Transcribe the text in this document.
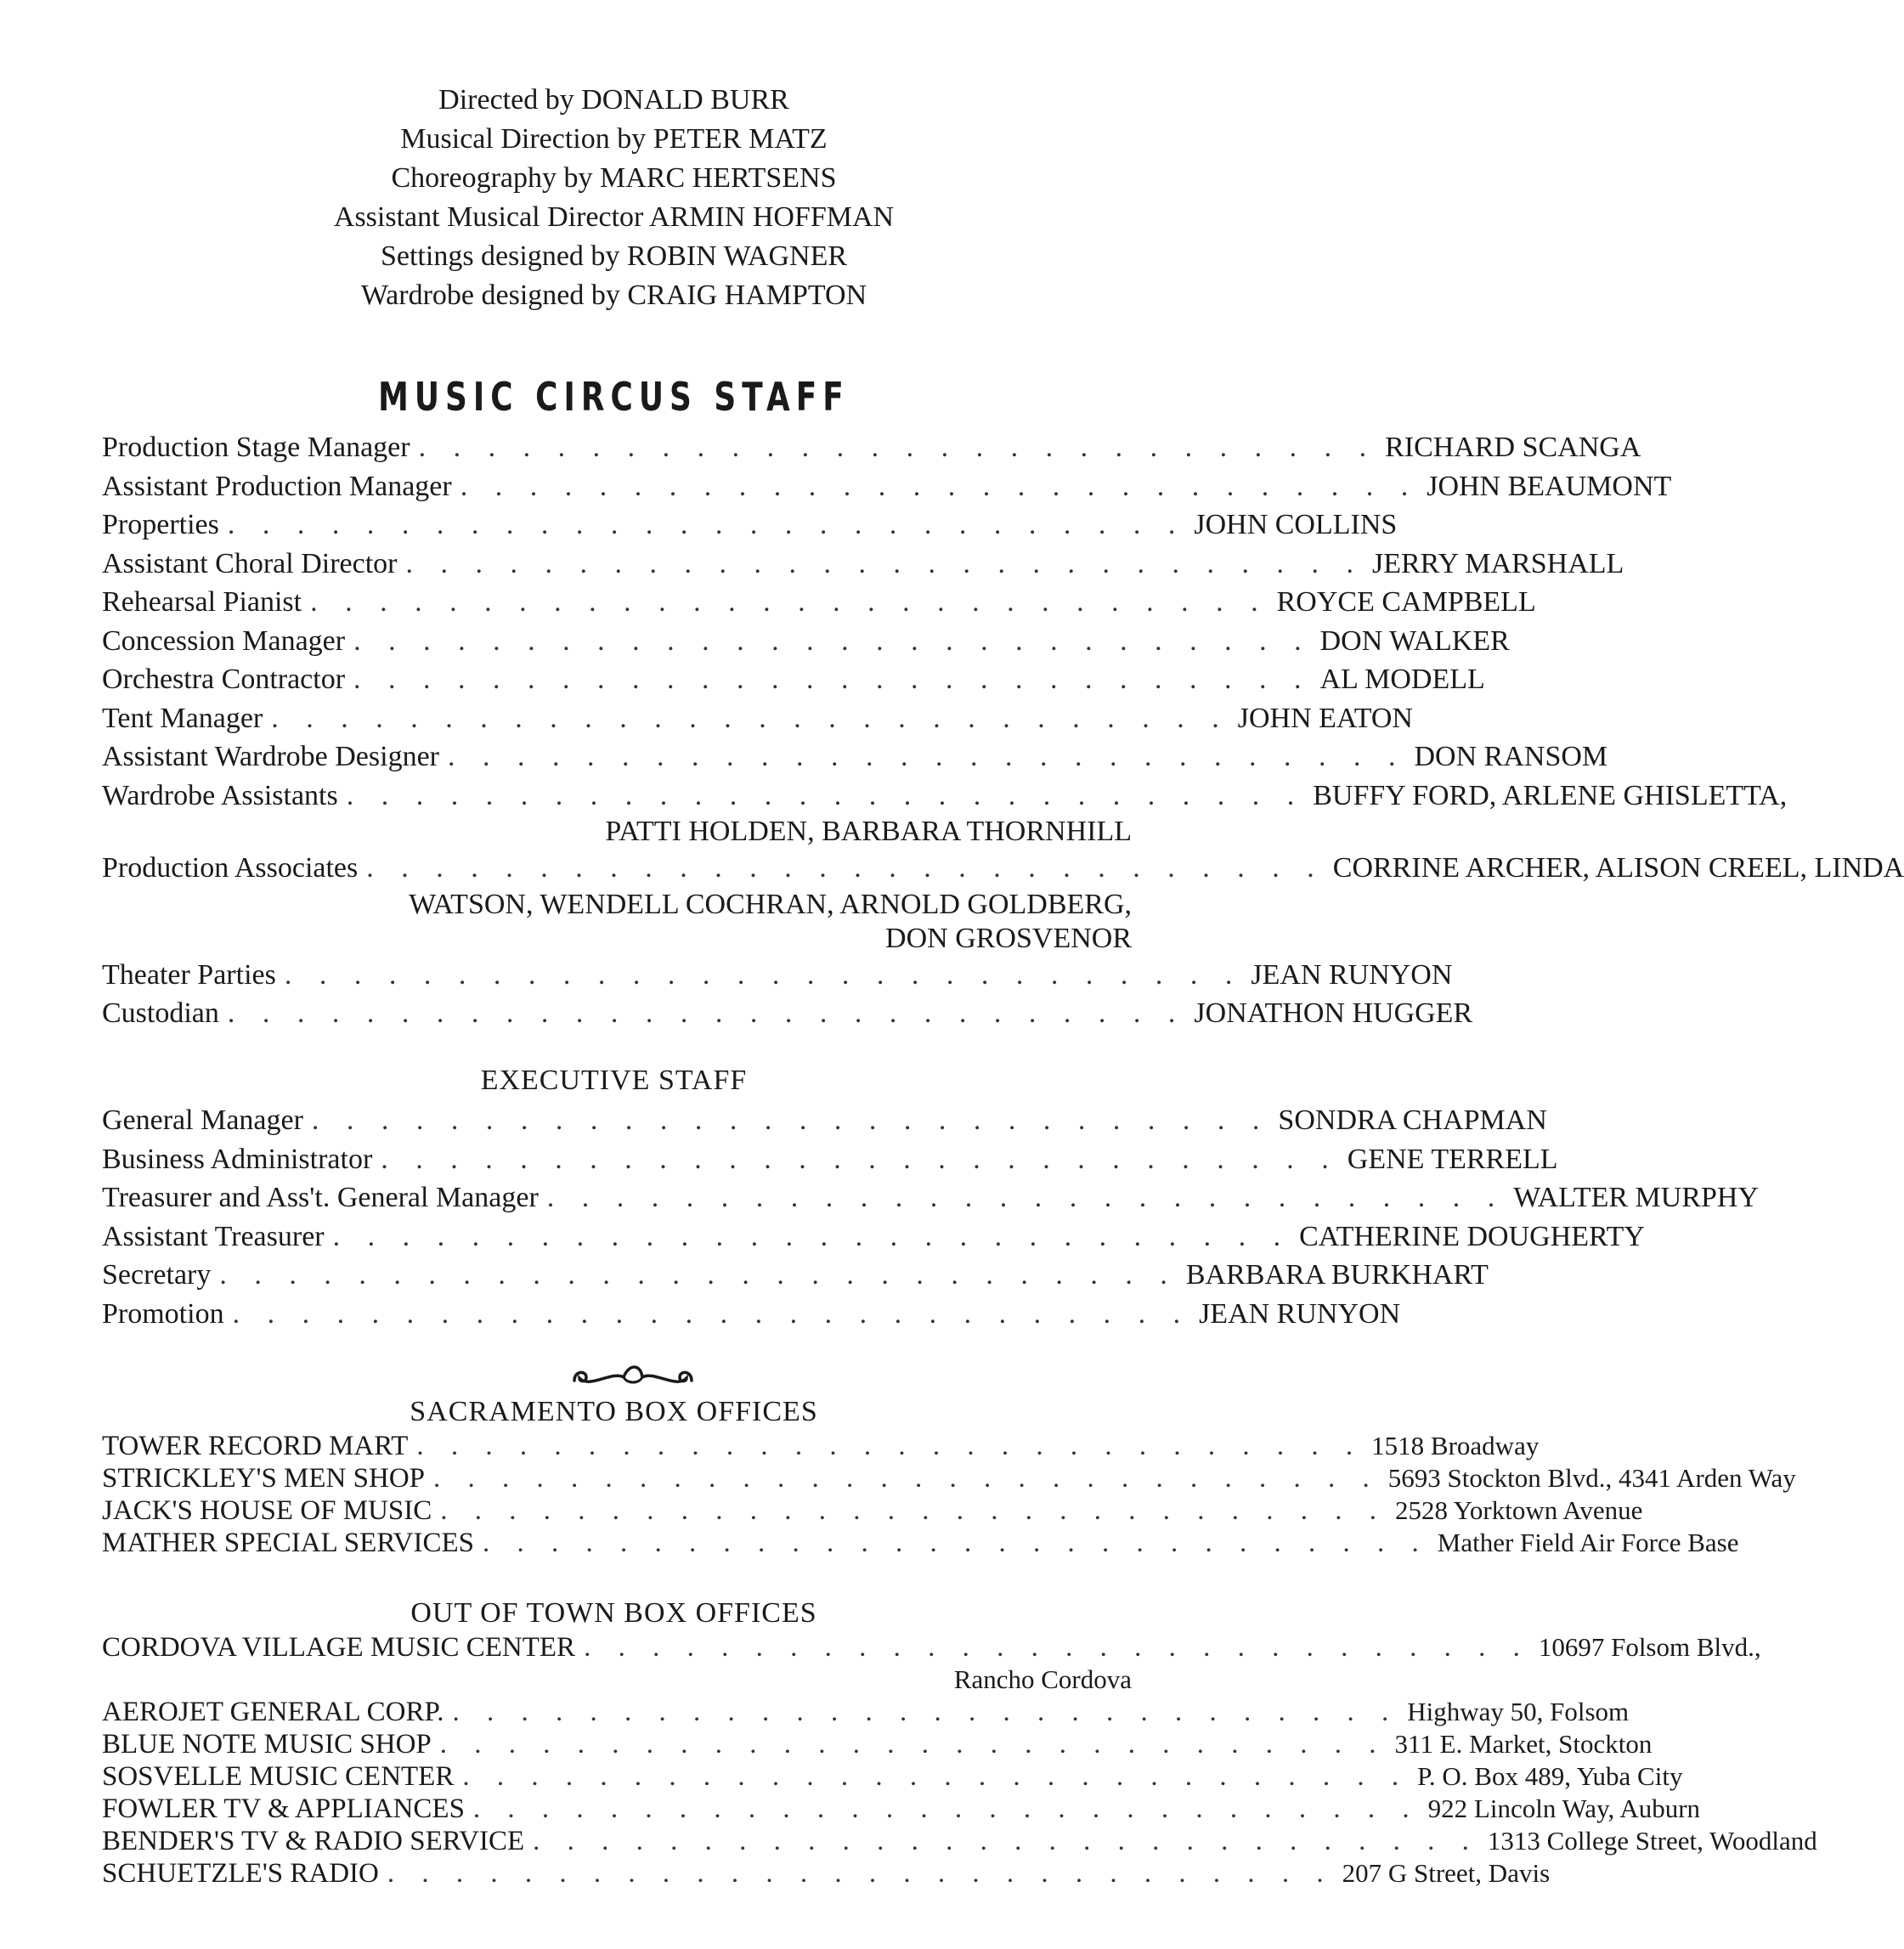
Directed by DONALD BURR
Musical Direction by PETER MATZ
Choreography by MARC HERTSENS
Assistant Musical Director ARMIN HOFFMAN
Settings designed by ROBIN WAGNER
Wardrobe designed by CRAIG HAMPTON
MUSIC CIRCUS STAFF
Production Stage Manager . . . . . . . . . . . . . . . . . . . . . . . . . . . . RICHARD SCANGA
Assistant Production Manager . . . . . . . . . . . . . . . . . . . . . . . . . . . . JOHN BEAUMONT
Properties . . . . . . . . . . . . . . . . . . . . . . . . . . . . JOHN COLLINS
Assistant Choral Director . . . . . . . . . . . . . . . . . . . . . . . . . . . . JERRY MARSHALL
Rehearsal Pianist . . . . . . . . . . . . . . . . . . . . . . . . . . . . ROYCE CAMPBELL
Concession Manager . . . . . . . . . . . . . . . . . . . . . . . . . . . . DON WALKER
Orchestra Contractor . . . . . . . . . . . . . . . . . . . . . . . . . . . . AL MODELL
Tent Manager . . . . . . . . . . . . . . . . . . . . . . . . . . . . JOHN EATON
Assistant Wardrobe Designer . . . . . . . . . . . . . . . . . . . . . . . . . . . . DON RANSOM
Wardrobe Assistants . . . . . . . . . . . . . . . . . . . . . . . . . . . . BUFFY FORD, ARLENE GHISLETTA,
PATTI HOLDEN, BARBARA THORNHILL
Production Associates . . . . . . . . . . . . . . . . . . . . . . . . . . . . CORRINE ARCHER, ALISON CREEL, LINDA
WATSON, WENDELL COCHRAN, ARNOLD GOLDBERG,
DON GROSVENOR
Theater Parties . . . . . . . . . . . . . . . . . . . . . . . . . . . . JEAN RUNYON
Custodian . . . . . . . . . . . . . . . . . . . . . . . . . . . . JONATHON HUGGER
EXECUTIVE STAFF
General Manager . . . . . . . . . . . . . . . . . . . . . . . . . . . . SONDRA CHAPMAN
Business Administrator . . . . . . . . . . . . . . . . . . . . . . . . . . . . GENE TERRELL
Treasurer and Ass't. General Manager . . . . . . . . . . . . . . . . . . . . . . . . . . . . WALTER MURPHY
Assistant Treasurer . . . . . . . . . . . . . . . . . . . . . . . . . . . . CATHERINE DOUGHERTY
Secretary . . . . . . . . . . . . . . . . . . . . . . . . . . . . BARBARA BURKHART
Promotion . . . . . . . . . . . . . . . . . . . . . . . . . . . . JEAN RUNYON
SACRAMENTO BOX OFFICES
TOWER RECORD MART . . . . . . . . . . . . . . . . . . . . . . . . . . . . 1518 Broadway
STRICKLEY'S MEN SHOP . . . . . . . . . . . . . . . . . . . . . . . . . . . . 5693 Stockton Blvd., 4341 Arden Way
JACK'S HOUSE OF MUSIC . . . . . . . . . . . . . . . . . . . . . . . . . . . . 2528 Yorktown Avenue
MATHER SPECIAL SERVICES . . . . . . . . . . . . . . . . . . . . . . . . . . . . Mather Field Air Force Base
OUT OF TOWN BOX OFFICES
CORDOVA VILLAGE MUSIC CENTER . . . . . . . . . . . . . . . . . . . . . . . . . . . . 10697 Folsom Blvd.,
Rancho Cordova
AEROJET GENERAL CORP. . . . . . . . . . . . . . . . . . . . . . . . . . . . . Highway 50, Folsom
BLUE NOTE MUSIC SHOP . . . . . . . . . . . . . . . . . . . . . . . . . . . . 311 E. Market, Stockton
SOSVELLE MUSIC CENTER . . . . . . . . . . . . . . . . . . . . . . . . . . . . P. O. Box 489, Yuba City
FOWLER TV & APPLIANCES . . . . . . . . . . . . . . . . . . . . . . . . . . . . 922 Lincoln Way, Auburn
BENDER'S TV & RADIO SERVICE . . . . . . . . . . . . . . . . . . . . . . . . . . . . 1313 College Street, Woodland
SCHUETZLE'S RADIO . . . . . . . . . . . . . . . . . . . . . . . . . . . . 207 G Street, Davis
